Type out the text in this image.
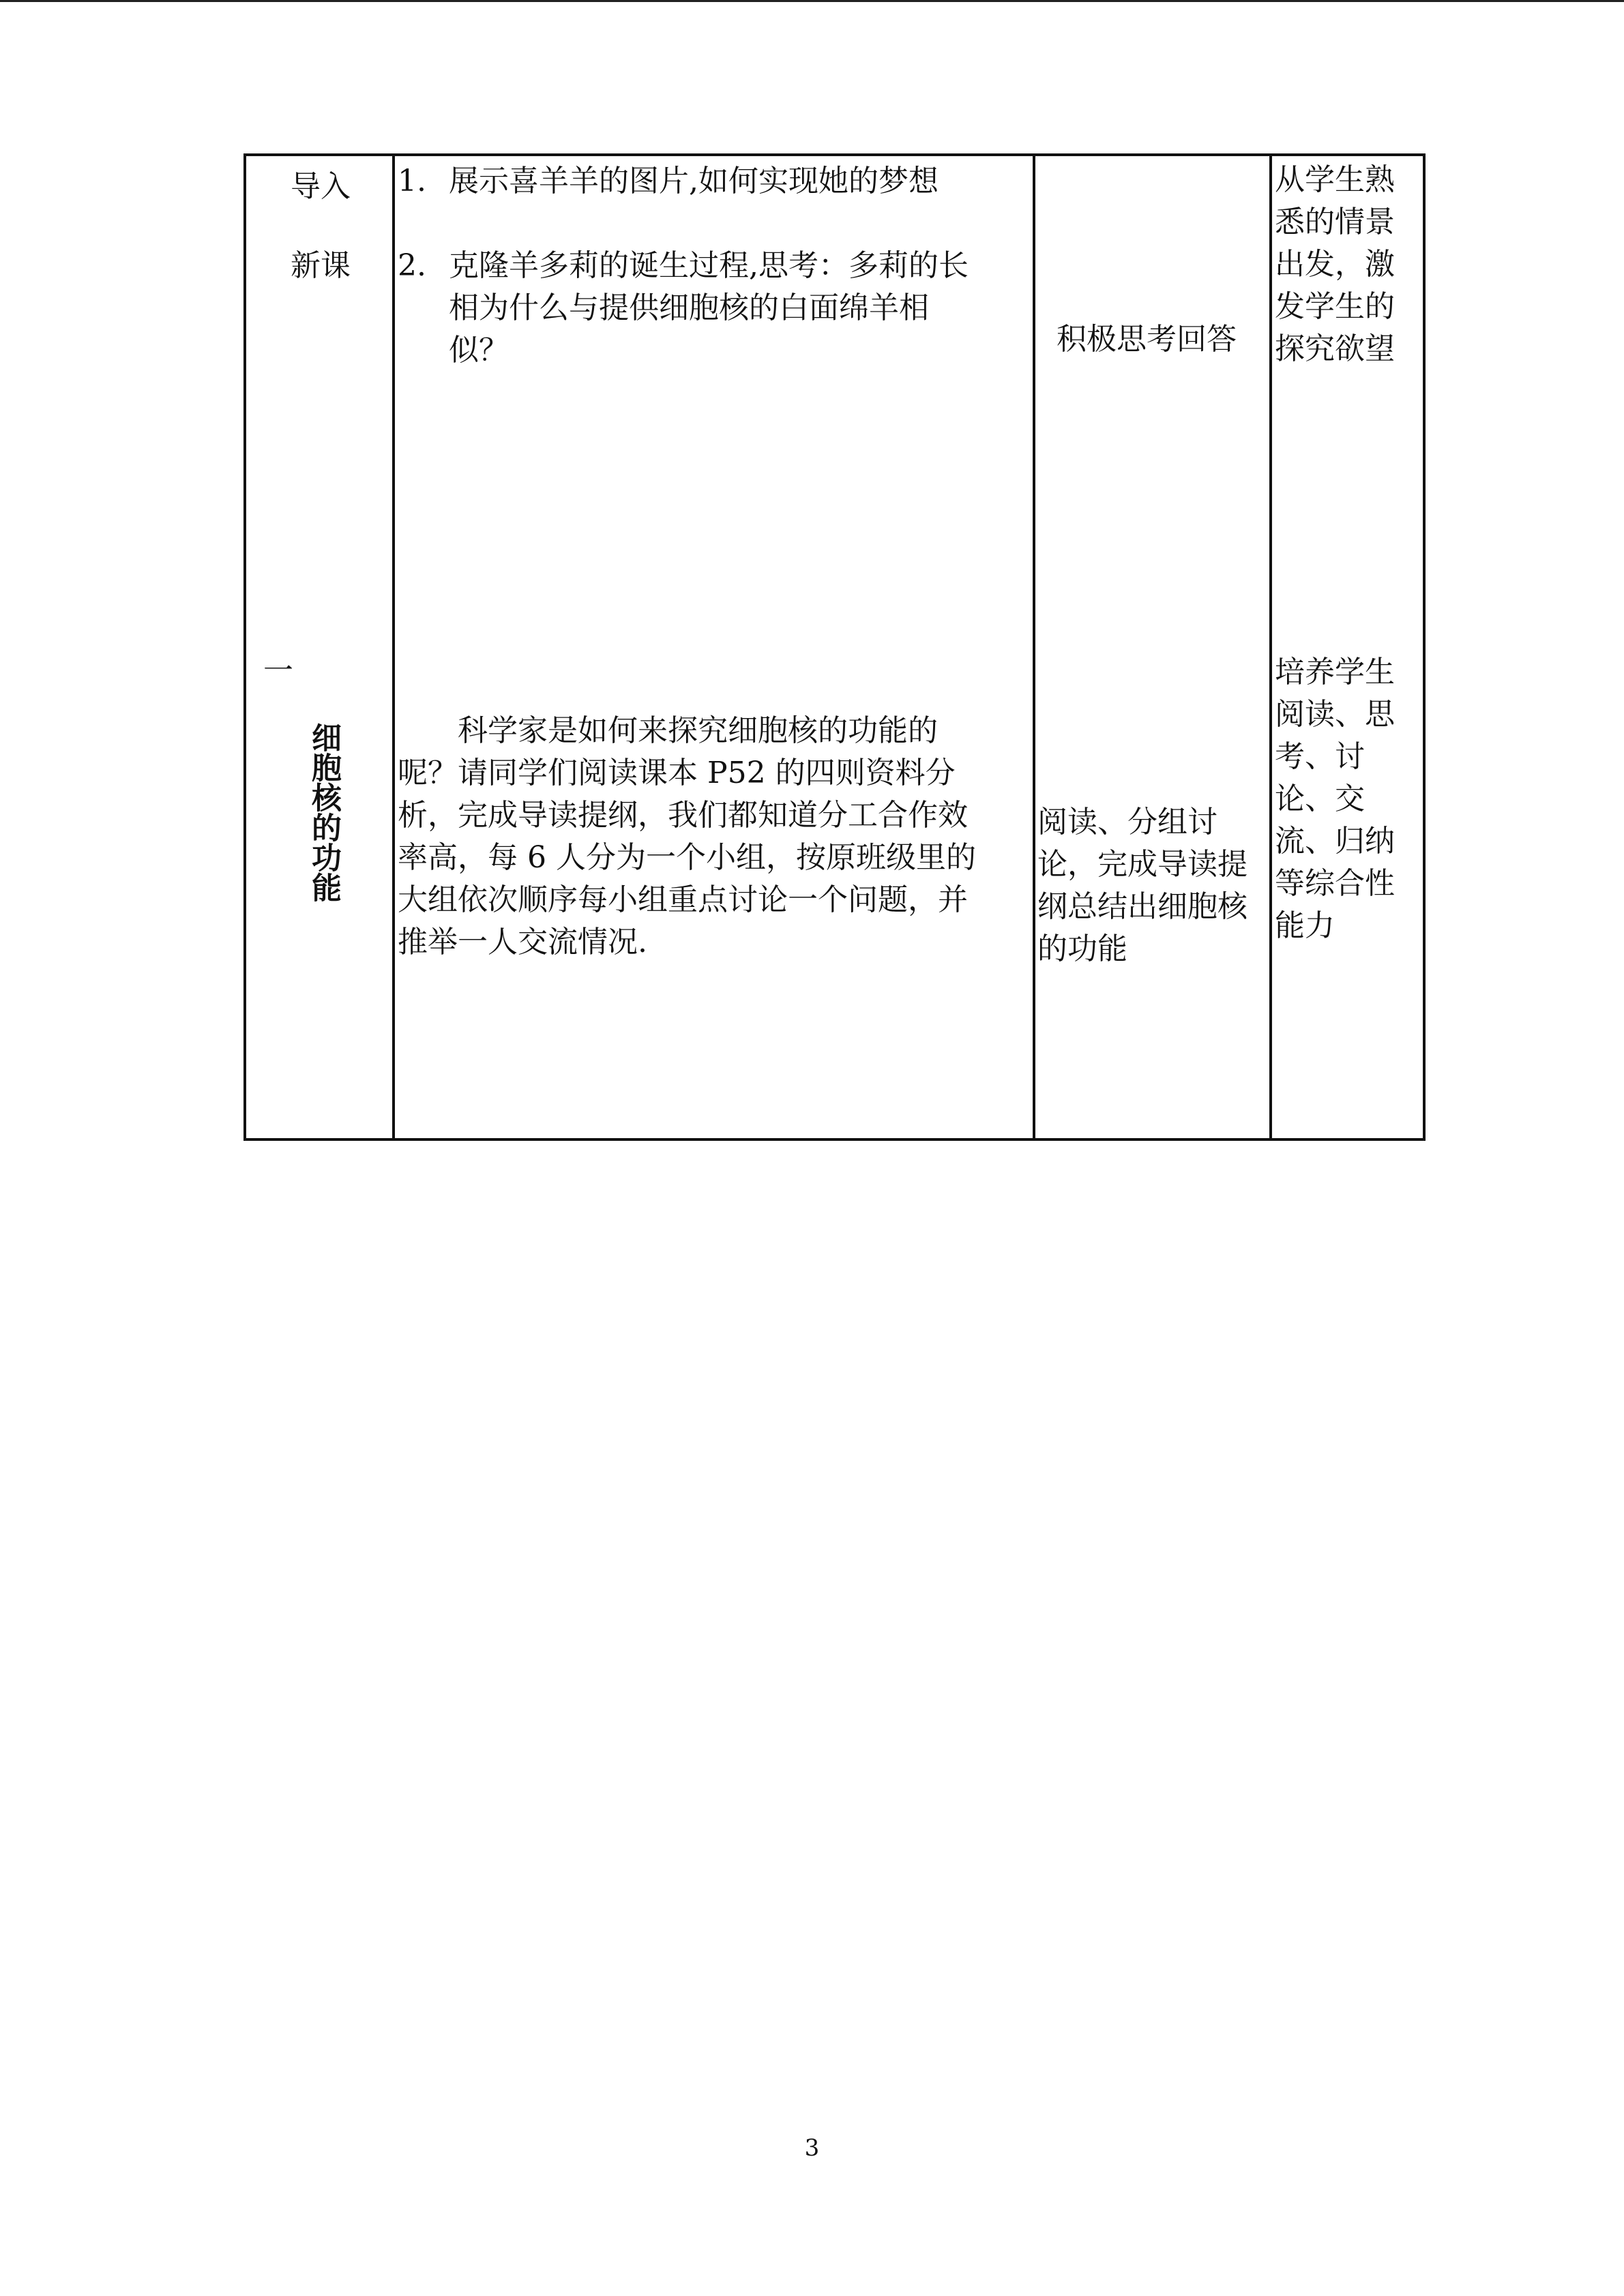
导入
新课
一
细胞核的功能
1. 展示喜羊羊的图片,如何实现她的梦想
2. 克隆羊多莉的诞生过程,思考：多莉的长
相为什么与提供细胞核的白面绵羊相
似？
科学家是如何来探究细胞核的功能的
呢？请同学们阅读课本 P52 的四则资料分
析，完成导读提纲，我们都知道分工合作效
率高，每 6 人分为一个小组，按原班级里的
大组依次顺序每小组重点讨论一个问题，并
推举一人交流情况.
积极思考回答
阅读、分组讨
论，完成导读提
纲总结出细胞核
的功能
从学生熟
悉的情景
出发，激
发学生的
探究欲望
培养学生
阅读、思
考、讨
论、交
流、归纳
等综合性
能力
3
